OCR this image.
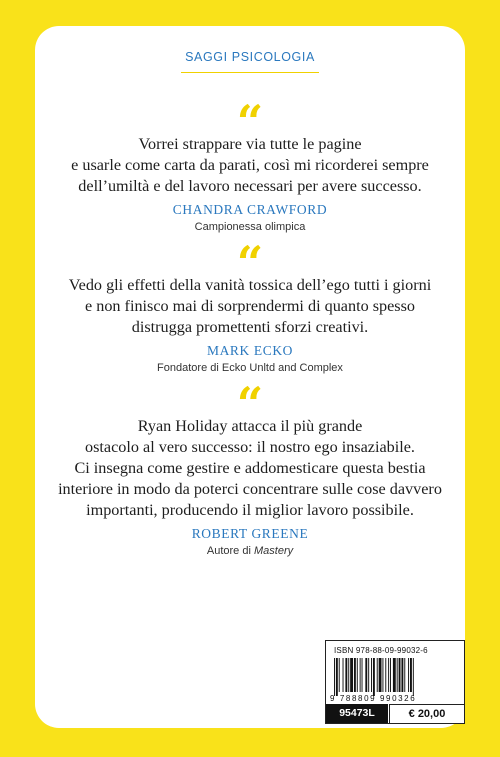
SAGGI PSICOLOGIA
“
Vorrei strappare via tutte le pagine
e usarle come carta da parati, così mi ricorderei sempre
dell’umiltà e del lavoro necessari per avere successo.
CHANDRA CRAWFORD
Campionessa olimpica
“
Vedo gli effetti della vanità tossica dell’ego tutti i giorni
e non finisco mai di sorprendermi di quanto spesso
distrugga promettenti sforzi creativi.
MARK ECKO
Fondatore di Ecko Unltd and Complex
“
Ryan Holiday attacca il più grande
ostacolo al vero successo: il nostro ego insaziabile.
Ci insegna come gestire e addomesticare questa bestia
interiore in modo da poterci concentrare sulle cose davvero
importanti, producendo il miglior lavoro possibile.
ROBERT GREENE
Autore di Mastery
ISBN 978-88-09-99032-6
9 788809 990326
95473L	€ 20,00
